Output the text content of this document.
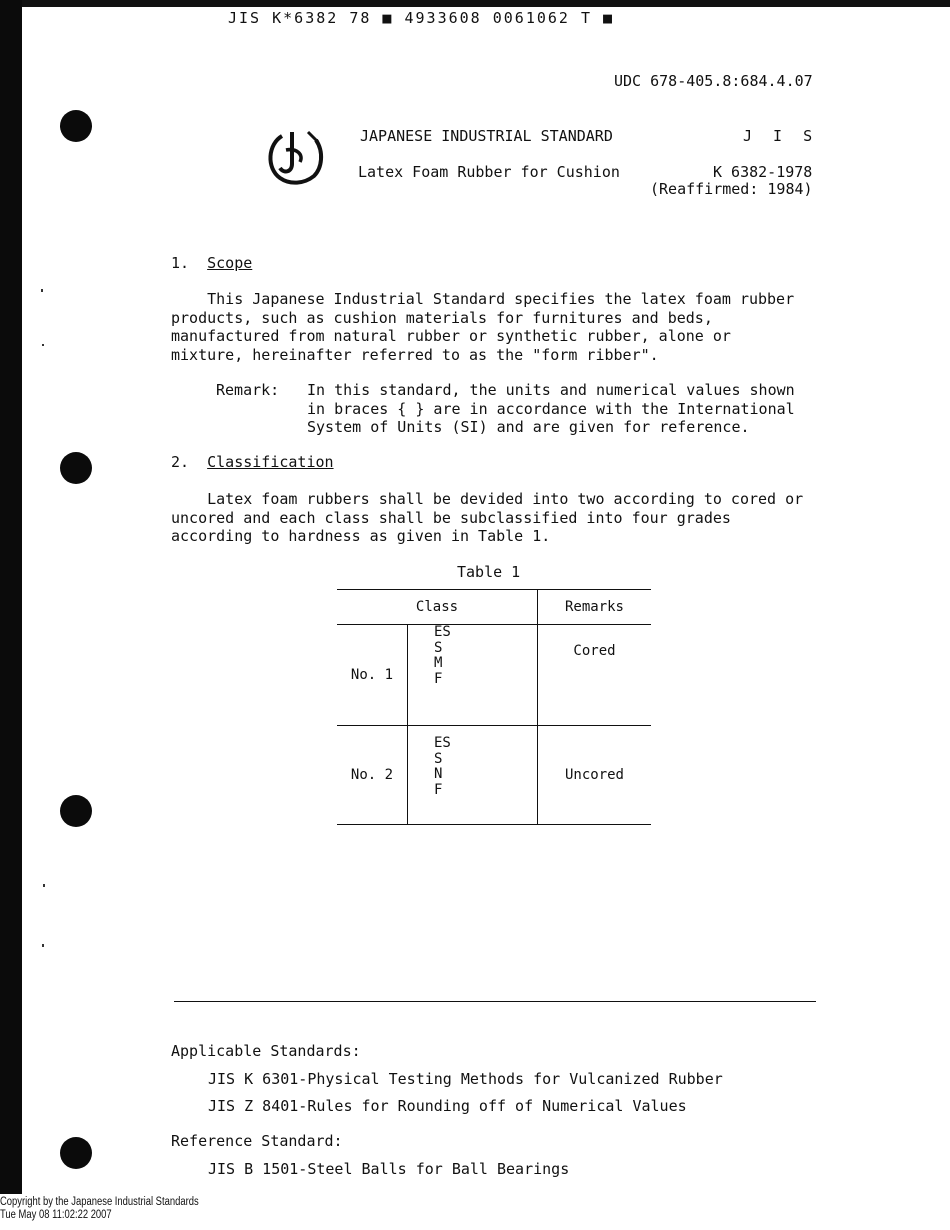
JIS K*6382 78 ■ 4933608 0061062 T ■
UDC 678-405.8:684.4.07
JAPANESE INDUSTRIAL STANDARD	J I S
Latex Foam Rubber for Cushion	K 6382-1978
(Reaffirmed: 1984)
1. Scope

This Japanese Industrial Standard specifies the latex foam rubber

products, such as cushion materials for furnitures and beds,

manufactured from natural rubber or synthetic rubber, alone or

mixture, hereinafter referred to as the "form ribber".

Remark: In this standard, the units and numerical values shown

in braces { } are in accordance with the International

System of Units (SI) and are given for reference.

2. Classification

Latex foam rubbers shall be devided into two according to cored or

uncored and each class shall be subclassified into four grades

according to hardness as given in Table 1.

Table 1
Class		Remarks
No. 1	ES
S
M
F	Cored
No. 2	ES
S
N
F	Uncored
Applicable Standards:
JIS K 6301-Physical Testing Methods for Vulcanized Rubber
JIS Z 8401-Rules for Rounding off of Numerical Values
Reference Standard:
JIS B 1501-Steel Balls for Ball Bearings
Copyright by the Japanese Industrial Standards
Tue May 08 11:02:22 2007
